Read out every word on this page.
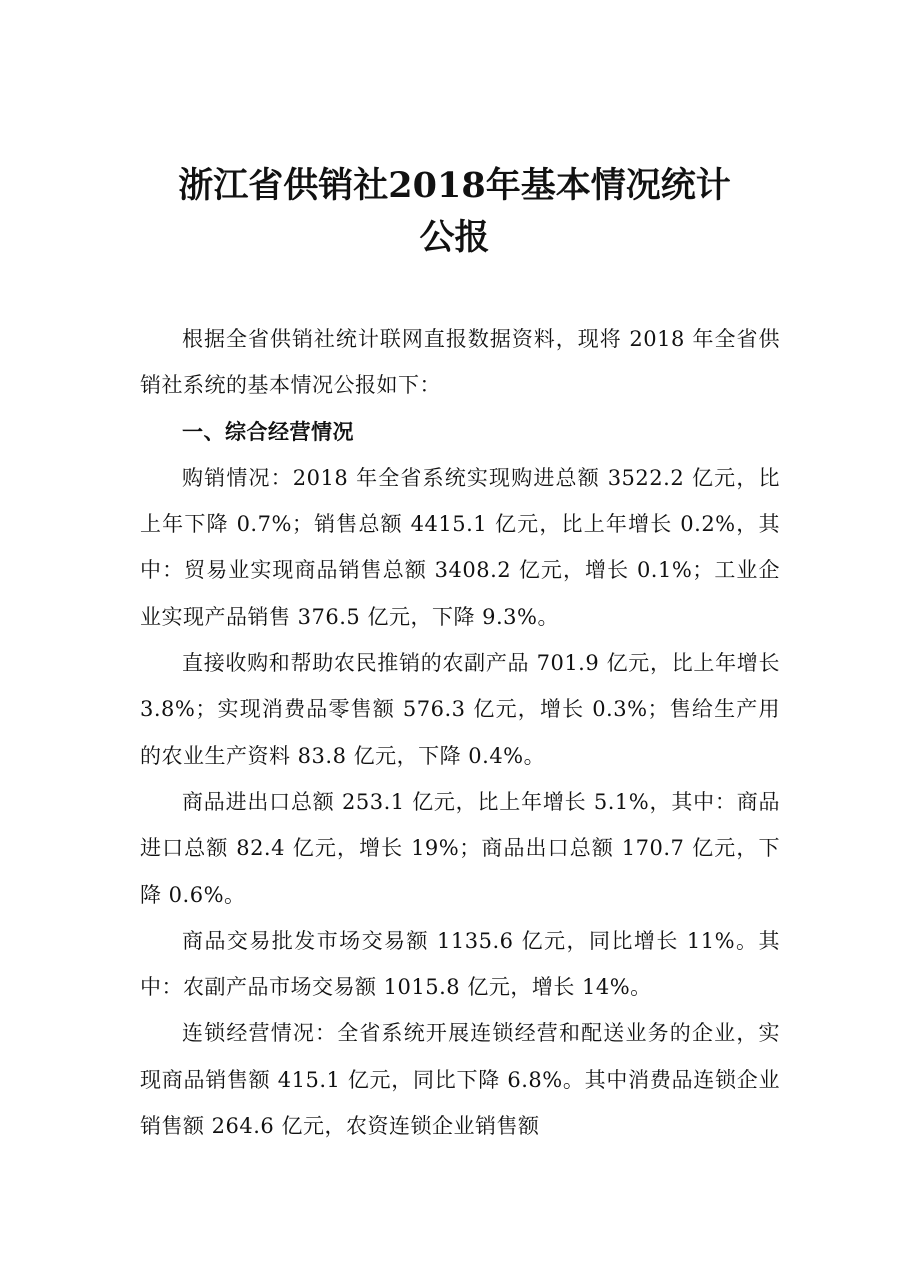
浙江省供销社2018年基本情况统计
公报

根据全省供销社统计联网直报数据资料，现将 2018 年全省供销社系统的基本情况公报如下：

一、综合经营情况

购销情况：2018 年全省系统实现购进总额 3522.2 亿元，比上年下降 0.7%；销售总额 4415.1 亿元，比上年增长 0.2%，其中：贸易业实现商品销售总额 3408.2 亿元，增长 0.1%；工业企业实现产品销售 376.5 亿元，下降 9.3%。

直接收购和帮助农民推销的农副产品 701.9 亿元，比上年增长 3.8%；实现消费品零售额 576.3 亿元，增长 0.3%；售给生产用的农业生产资料 83.8 亿元，下降 0.4%。

商品进出口总额 253.1 亿元，比上年增长 5.1%，其中：商品进口总额 82.4 亿元，增长 19%；商品出口总额 170.7 亿元，下降 0.6%。

商品交易批发市场交易额 1135.6 亿元，同比增长 11%。其中：农副产品市场交易额 1015.8 亿元，增长 14%。

连锁经营情况：全省系统开展连锁经营和配送业务的企业，实现商品销售额 415.1 亿元，同比下降 6.8%。其中消费品连锁企业销售额 264.6 亿元，农资连锁企业销售额
